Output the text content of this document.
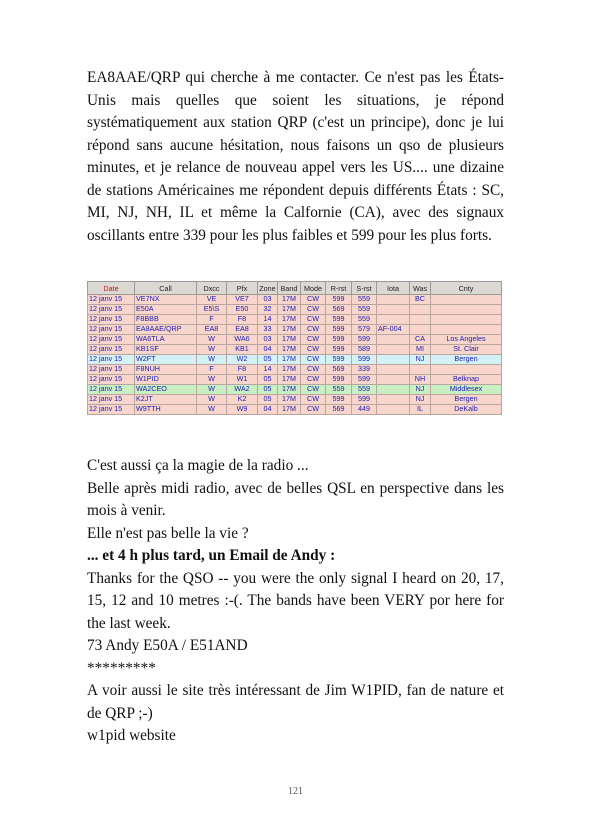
EA8AAE/QRP qui cherche à me contacter. Ce n'est pas les États-Unis mais quelles que soient les situations, je répond systématiquement aux station QRP (c'est un principe), donc je lui répond sans aucune hésitation, nous faisons un qso de plusieurs minutes, et je relance de nouveau appel vers les US.... une dizaine de stations Américaines me répondent depuis différents États : SC, MI, NJ, NH, IL et même la Calfornie (CA), avec des signaux oscillants entre 339 pour les plus faibles et 599 pour les plus forts.

Date	Call	Dxcc	Pfx	Zone	Band	Mode	R-rst	S-rst	Iota	Was	Cnty
12 janv 15	VE7NX	VE	VE7	03	17M	CW	599	559		BC	
12 janv 15	E50A	E5\S	E50	32	17M	CW	569	559			
12 janv 15	F8BBB	F	F8	14	17M	CW	599	559			
12 janv 15	EA8AAE/QRP	EA8	EA8	33	17M	CW	599	579	AF-004		
12 janv 15	WA6TLA	W	WA6	03	17M	CW	599	599		CA	Los Angeles
12 janv 15	KB1SF	W	KB1	04	17M	CW	599	589		MI	St. Clair
12 janv 15	W2FT	W	W2	05	17M	CW	599	599		NJ	Bergen
12 janv 15	F8NUH	F	F8	14	17M	CW	569	339			
12 janv 15	W1PID	W	W1	05	17M	CW	599	599		NH	Belknap
12 janv 15	WA2CEO	W	WA2	05	17M	CW	559	559		NJ	Middlesex
12 janv 15	K2JT	W	K2	05	17M	CW	599	599		NJ	Bergen
12 janv 15	W9TTH	W	W9	04	17M	CW	569	449		IL	DeKalb

C'est aussi ça la magie de la radio ...

Belle après midi radio, avec de belles QSL en perspective dans les mois à venir.

Elle n'est pas belle la vie ?

... et 4 h plus tard, un Email de Andy :

Thanks for the QSO -- you were the only signal I heard on 20, 17, 15, 12 and 10 metres :-(. The bands have been VERY por here for the last week.

73 Andy E50A / E51AND

*********

A voir aussi le site très intéressant de Jim W1PID, fan de nature et de QRP ;-)

w1pid website

121
